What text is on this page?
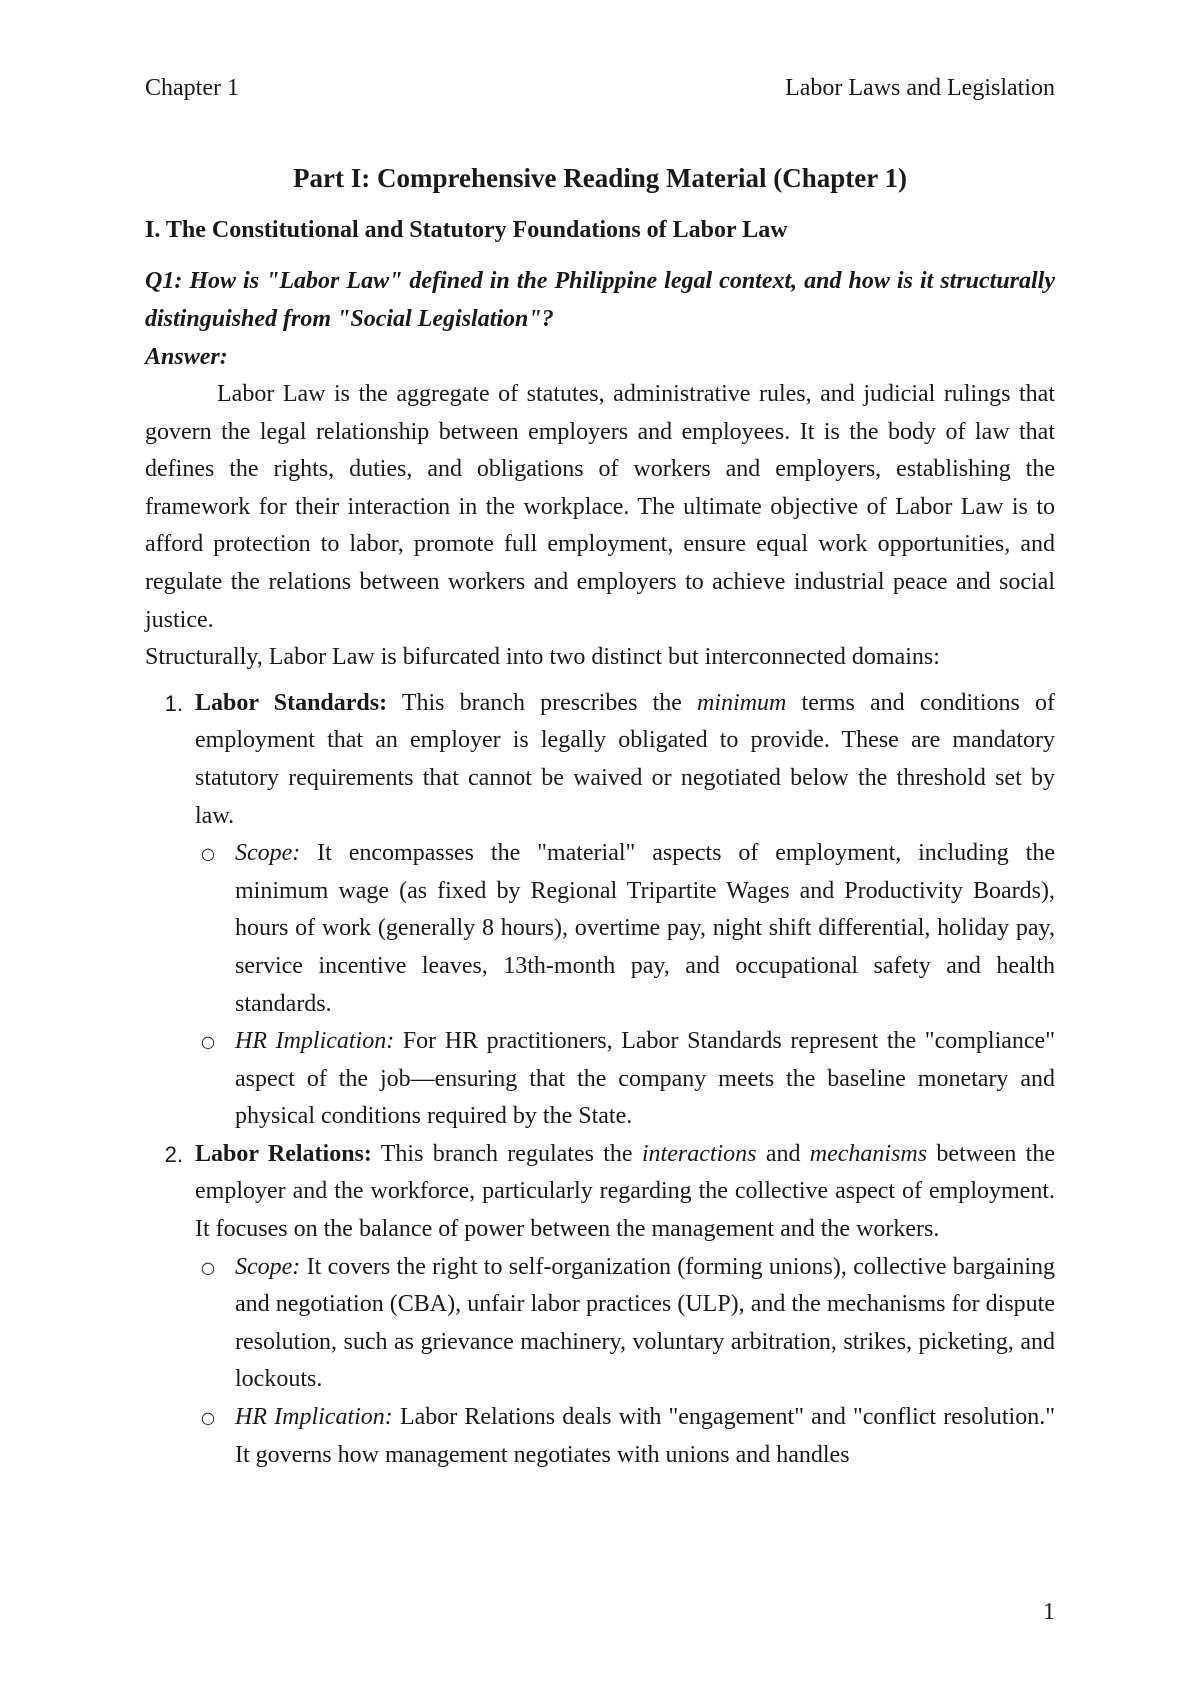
Chapter 1	Labor Laws and Legislation
Part I: Comprehensive Reading Material (Chapter 1)
I. The Constitutional and Statutory Foundations of Labor Law

Q1: How is "Labor Law" defined in the Philippine legal context, and how is it structurally distinguished from "Social Legislation"?

Answer:

Labor Law is the aggregate of statutes, administrative rules, and judicial rulings that govern the legal relationship between employers and employees. It is the body of law that defines the rights, duties, and obligations of workers and employers, establishing the framework for their interaction in the workplace. The ultimate objective of Labor Law is to afford protection to labor, promote full employment, ensure equal work opportunities, and regulate the relations between workers and employers to achieve industrial peace and social justice.

Structurally, Labor Law is bifurcated into two distinct but interconnected domains:

1. Labor Standards: This branch prescribes the minimum terms and conditions of employment that an employer is legally obligated to provide. These are mandatory statutory requirements that cannot be waived or negotiated below the threshold set by law.

○ Scope: It encompasses the "material" aspects of employment, including the minimum wage (as fixed by Regional Tripartite Wages and Productivity Boards), hours of work (generally 8 hours), overtime pay, night shift differential, holiday pay, service incentive leaves, 13th-month pay, and occupational safety and health standards.
○ HR Implication: For HR practitioners, Labor Standards represent the "compliance" aspect of the job—ensuring that the company meets the baseline monetary and physical conditions required by the State.
2. Labor Relations: This branch regulates the interactions and mechanisms between the employer and the workforce, particularly regarding the collective aspect of employment. It focuses on the balance of power between the management and the workers.

○ Scope: It covers the right to self-organization (forming unions), collective bargaining and negotiation (CBA), unfair labor practices (ULP), and the mechanisms for dispute resolution, such as grievance machinery, voluntary arbitration, strikes, picketing, and lockouts.
○ HR Implication: Labor Relations deals with "engagement" and "conflict resolution." It governs how management negotiates with unions and handles
1
